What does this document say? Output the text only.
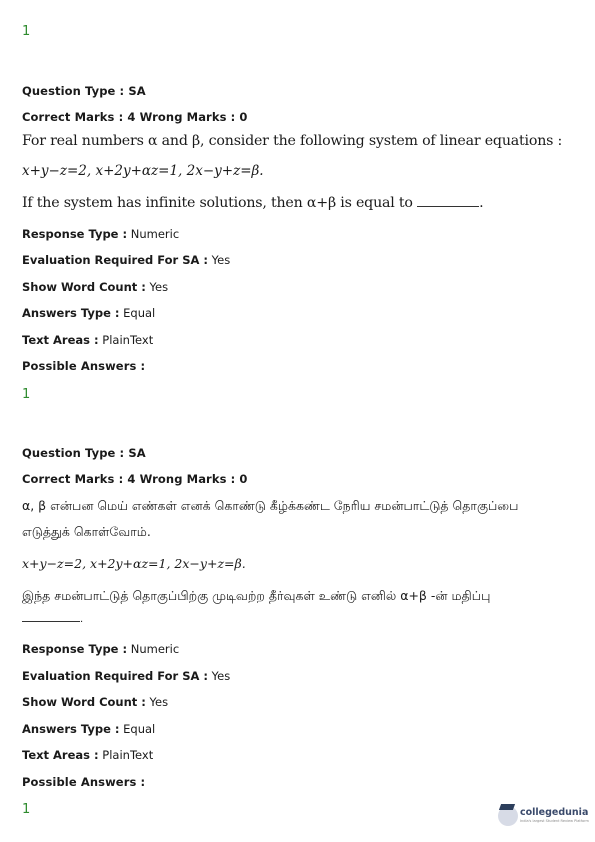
1
Question Type : SA
Correct Marks : 4 Wrong Marks : 0
For real numbers α and β, consider the following system of linear equations :
x+y−z=2, x+2y+αz=1, 2x−y+z=β.
If the system has infinite solutions, then α+β is equal to	.
Response Type : Numeric
Evaluation Required For SA : Yes
Show Word Count : Yes
Answers Type : Equal
Text Areas : PlainText
Possible Answers :
1
Question Type : SA
Correct Marks : 4 Wrong Marks : 0
α, β என்பன மெய் எண்கள் எனக் கொண்டு கீழ்க்கண்ட நேரிய சமன்பாட்டுத் தொகுப்பை
எடுத்துக் கொள்வோம்.
x+y−z=2, x+2y+αz=1, 2x−y+z=β.
இந்த சமன்பாட்டுத் தொகுப்பிற்கு முடிவற்ற தீர்வுகள் உண்டு எனில் α+β -ன் மதிப்பு
.
Response Type : Numeric
Evaluation Required For SA : Yes
Show Word Count : Yes
Answers Type : Equal
Text Areas : PlainText
Possible Answers :
1	collegedunia
India's largest Student Review Platform
